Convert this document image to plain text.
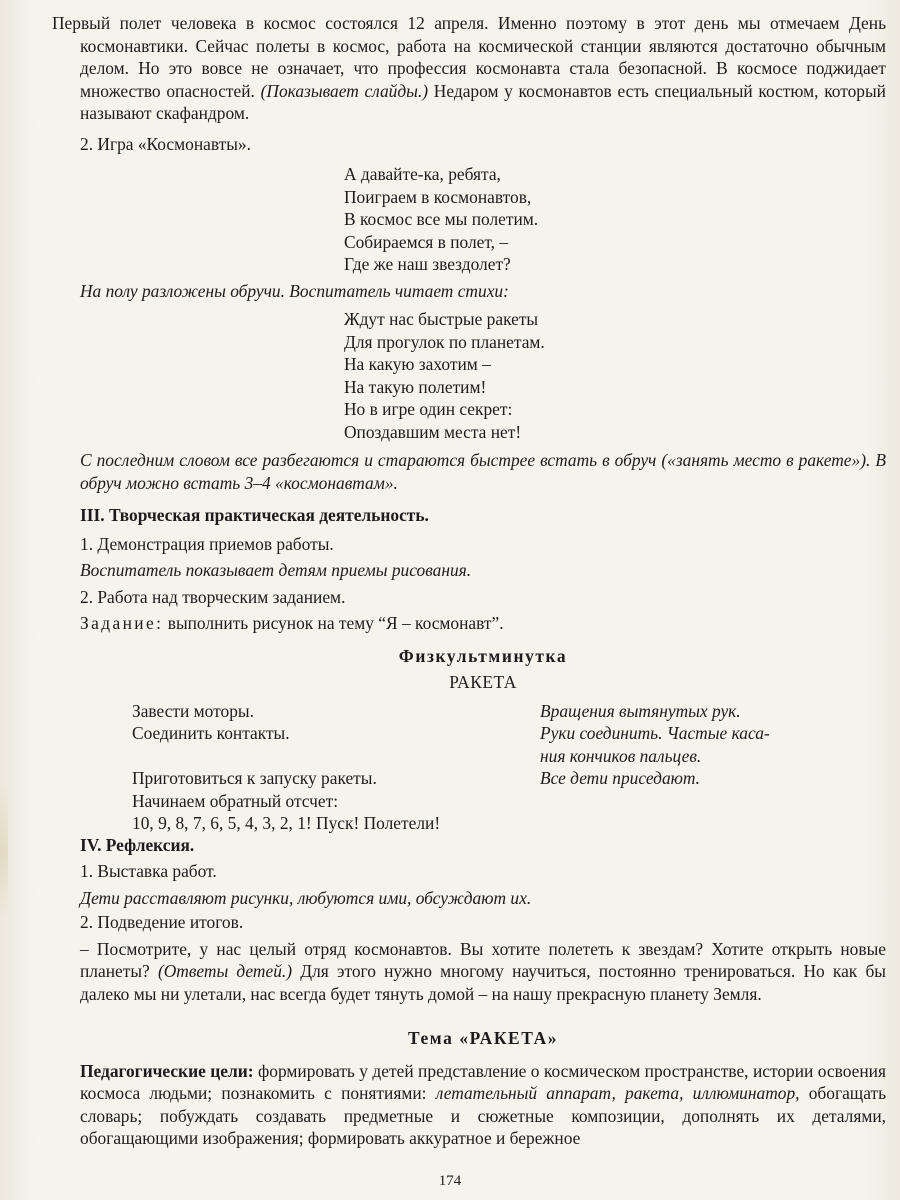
Первый полет человека в космос состоялся 12 апреля. Именно поэтому в этот день мы отмечаем День космонавтики. Сейчас полеты в космос, работа на космической станции являются достаточно обычным делом. Но это вовсе не означает, что профессия космонавта стала безопасной. В космосе поджидает множество опасностей. (Показывает слайды.) Недаром у космонавтов есть специальный костюм, который называют скафандром.

2. Игра «Космонавты».

А давайте-ка, ребята,
Поиграем в космонавтов,
В космос все мы полетим.
Собираемся в полет, –
Где же наш звездолет?

На полу разложены обручи. Воспитатель читает стихи:

Ждут нас быстрые ракеты
Для прогулок по планетам.
На какую захотим –
На такую полетим!
Но в игре один секрет:
Опоздавшим места нет!

С последним словом все разбегаются и стараются быстрее встать в обруч («занять место в ракете»). В обруч можно встать 3–4 «космонавтам».

III. Творческая практическая деятельность.

1. Демонстрация приемов работы.

Воспитатель показывает детям приемы рисования.

2. Работа над творческим заданием.

Задание: выполнить рисунок на тему “Я – космонавт”.

Физкультминутка

РАКЕТА

Завести моторы.
Соединить контакты.
Приготовиться к запуску ракеты.
Начинаем обратный отсчет:
10, 9, 8, 7, 6, 5, 4, 3, 2, 1! Пуск! Полетели!
Вращения вытянутых рук.
Руки соединить. Частые каса-
ния кончиков пальцев.
Все дети приседают.

IV. Рефлексия.

1. Выставка работ.

Дети расставляют рисунки, любуются ими, обсуждают их.

2. Подведение итогов.

– Посмотрите, у нас целый отряд космонавтов. Вы хотите полететь к звездам? Хотите открыть новые планеты? (Ответы детей.) Для этого нужно многому научиться, постоянно тренироваться. Но как бы далеко мы ни улетали, нас всегда будет тянуть домой – на нашу прекрасную планету Земля.

Тема «РАКЕТА»

Педагогические цели: формировать у детей представление о космическом пространстве, истории освоения космоса людьми; познакомить с понятиями: летательный аппарат, ракета, иллюминатор, обогащать словарь; побуждать создавать предметные и сюжетные композиции, дополнять их деталями, обогащающими изображения; формировать аккуратное и бережное

174
